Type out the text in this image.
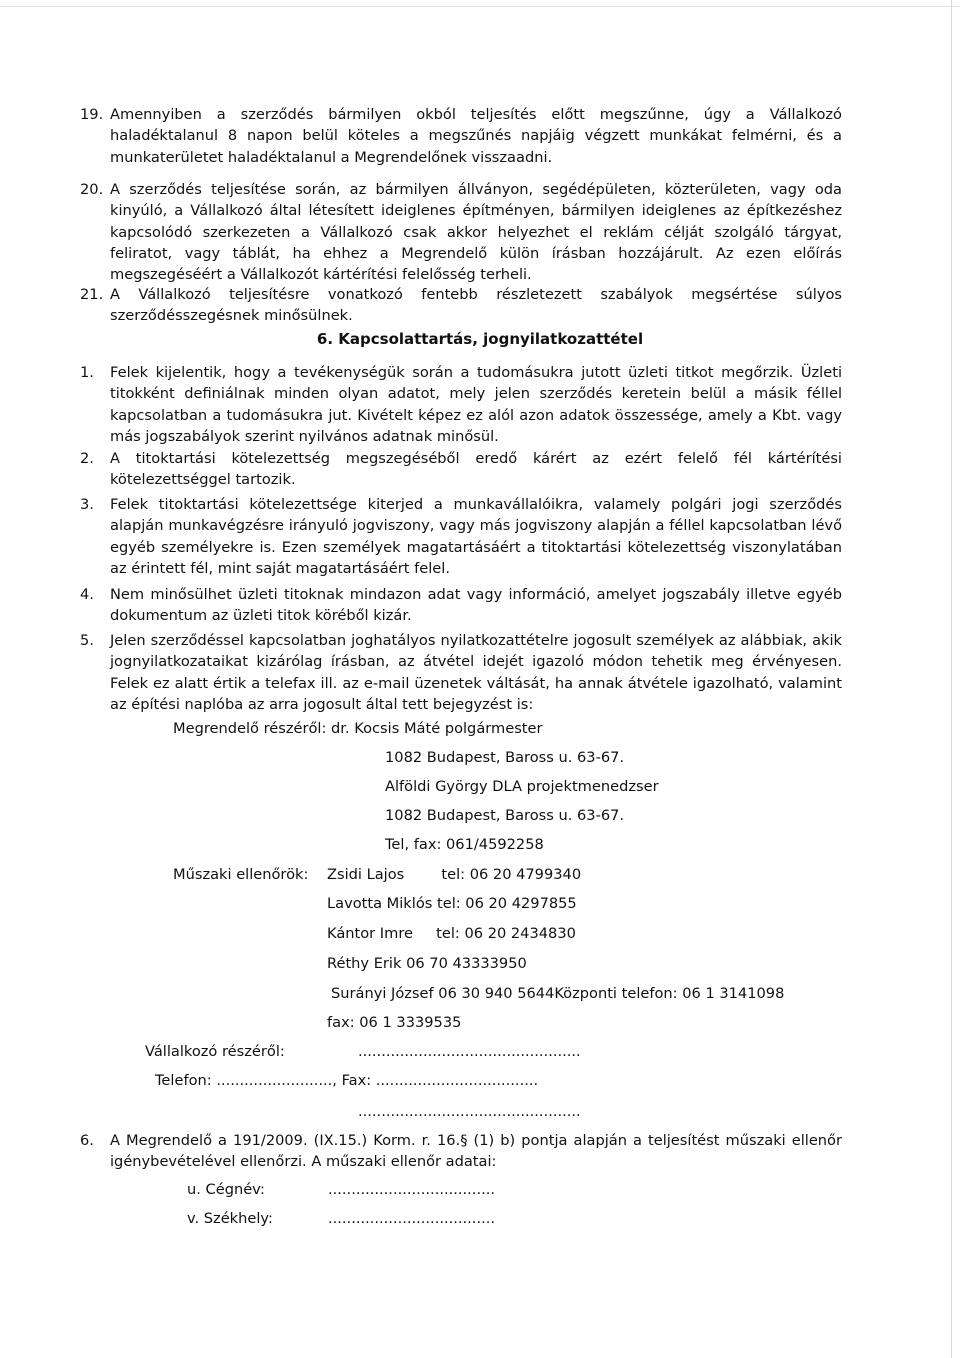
19. Amennyiben a szerződés bármilyen okból teljesítés előtt megszűnne, úgy a Vállalkozó haladéktalanul 8 napon belül köteles a megszűnés napjáig végzett munkákat felmérni, és a munkaterületet haladéktalanul a Megrendelőnek visszaadni.
20. A szerződés teljesítése során, az bármilyen állványon, segédépületen, közterületen, vagy oda kinyúló, a Vállalkozó által létesített ideiglenes építményen, bármilyen ideiglenes az építkezéshez kapcsolódó szerkezeten a Vállalkozó csak akkor helyezhet el reklám célját szolgáló tárgyat, feliratot, vagy táblát, ha ehhez a Megrendelő külön írásban hozzájárult. Az ezen előírás megszegéséért a Vállalkozót kártérítési felelősség terheli.
21. A Vállalkozó teljesítésre vonatkozó fentebb részletezett szabályok megsértése súlyos szerződésszegésnek minősülnek.
6. Kapcsolattartás, jognyilatkozattétel
1. Felek kijelentik, hogy a tevékenységük során a tudomásukra jutott üzleti titkot megőrzik. Üzleti titokként definiálnak minden olyan adatot, mely jelen szerződés keretein belül a másik féllel kapcsolatban a tudomásukra jut. Kivételt képez ez alól azon adatok összessége, amely a Kbt. vagy más jogszabályok szerint nyilvános adatnak minősül.
2. A titoktartási kötelezettség megszegéséből eredő kárért az ezért felelő fél kártérítési kötelezettséggel tartozik.
3. Felek titoktartási kötelezettsége kiterjed a munkavállalóikra, valamely polgári jogi szerződés alapján munkavégzésre irányuló jogviszony, vagy más jogviszony alapján a féllel kapcsolatban lévő egyéb személyekre is. Ezen személyek magatartásáért a titoktartási kötelezettség viszonylatában az érintett fél, mint saját magatartásáért felel.
4. Nem minősülhet üzleti titoknak mindazon adat vagy információ, amelyet jogszabály illetve egyéb dokumentum az üzleti titok köréből kizár.
5. Jelen szerződéssel kapcsolatban joghatályos nyilatkozattételre jogosult személyek az alábbiak, akik jognyilatkozataikat kizárólag írásban, az átvétel idejét igazoló módon tehetik meg érvényesen. Felek ez alatt értik a telefax ill. az e-mail üzenetek váltását, ha annak átvétele igazolható, valamint az építési naplóba az arra jogosult által tett bejegyzést is:
Megrendelő részéről: dr. Kocsis Máté polgármester
1082 Budapest, Baross u. 63-67.
Alföldi György DLA projektmenedzser
1082 Budapest, Baross u. 63-67.
Tel, fax: 061/4592258
Műszaki ellenőrök: Zsidi Lajos        tel: 06 20 4799340
Lavotta Miklós tel: 06 20 4297855
Kántor Imre     tel: 06 20 2434830
Réthy Erik 06 70 43333950
Surányi József 06 30 940 5644Központi telefon: 06 1 3141098
fax: 06 1 3339535
Vállalkozó részéről:	................................................
Telefon: ........................., Fax: ...................................
................................................
6. A Megrendelő a 191/2009. (IX.15.) Korm. r. 16.§ (1) b) pontja alapján a teljesítést műszaki ellenőr igénybevételével ellenőrzi. A műszaki ellenőr adatai:
u. Cégnév:	....................................
v. Székhely:	....................................
